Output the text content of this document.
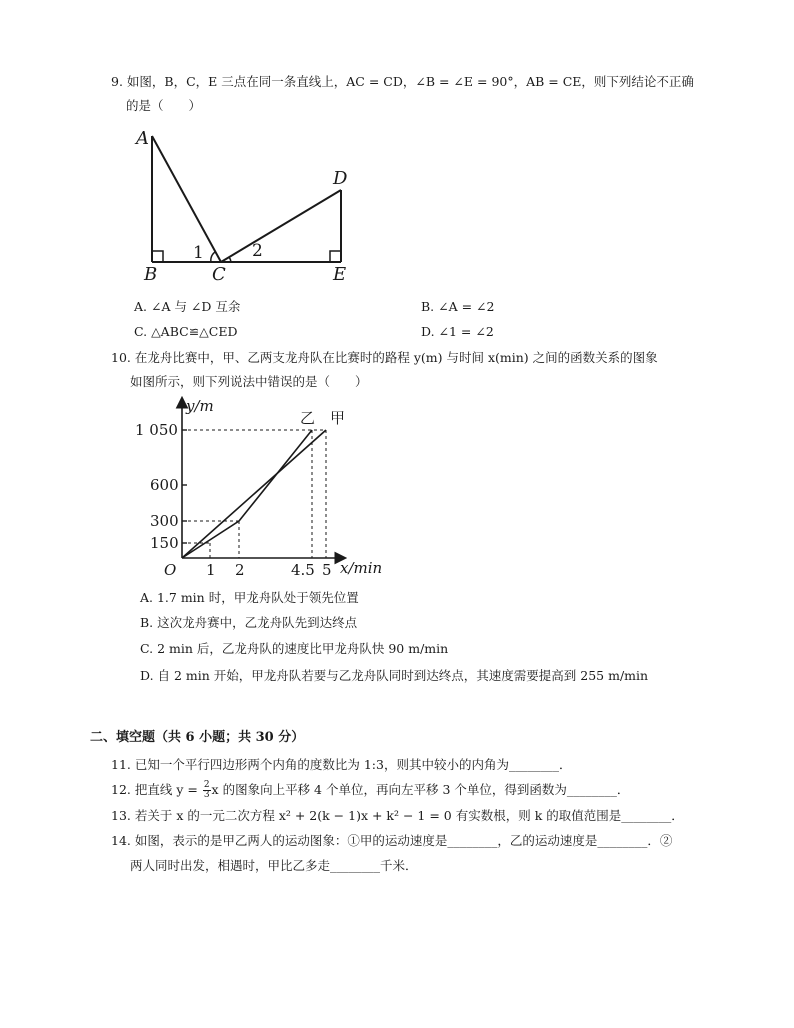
9. 如图，B，C，E 三点在同一条直线上，AC = CD，∠B = ∠E = 90°，AB = CE，则下列结论不正确
的是（　　）
A
B	C
D
E
1	2
A. ∠A 与 ∠D 互余	B. ∠A = ∠2
C. △ABC≌△CED	D. ∠1 = ∠2
10. 在龙舟比赛中，甲、乙两支龙舟队在比赛时的路程 y(m) 与时间 x(min) 之间的函数关系的图象
如图所示，则下列说法中错误的是（　　）
y/m
x/min
O
1 050
600
300
150
1 2	4.5 5
乙 甲
A. 1.7 min 时，甲龙舟队处于领先位置
B. 这次龙舟赛中，乙龙舟队先到达终点
C. 2 min 后，乙龙舟队的速度比甲龙舟队快 90 m/min
D. 自 2 min 开始，甲龙舟队若要与乙龙舟队同时到达终点，其速度需要提高到 255 m/min
二、填空题（共 6 小题；共 30 分）
11. 已知一个平行四边形两个内角的度数比为 1:3，则其中较小的内角为________．
12. 把直线 $y = \frac{2}{3}$ x 的图象向上平移 4 个单位，再向左平移 3 个单位，得到函数为________．
13. 若关于 x 的一元二次方程 x² + 2(k − 1)x + k² − 1 = 0 有实数根，则 k 的取值范围是________．
14. 如图，表示的是甲乙两人的运动图象：①甲的运动速度是________，乙的运动速度是________．②
两人同时出发，相遇时，甲比乙多走________千米．
